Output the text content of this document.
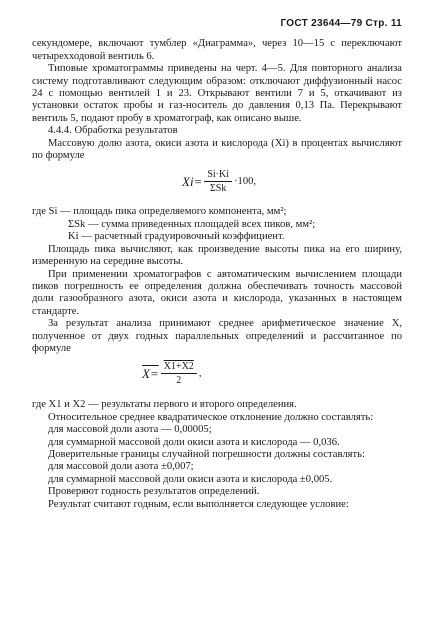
ГОСТ 23644—79 Стр. 11

секундомере, включают тумблер «Диаграмма», через 10—15 с переключают четырехходовой вентиль 6.

Типовые хроматограммы приведены на черт. 4—5. Для повторного анализа систему подготавливают следующим образом: отключают диффузионный насос 24 с помощью вентилей 1 и 23. Открывают вентили 7 и 5, откачивают из установки остаток пробы и газ-носитель до давления 0,13 Па. Перекрывают вентиль 5, подают пробу в хроматограф, как описано выше.

4.4.4. Обработка результатов

Массовую долю азота, окиси азота и кислорода (Xi) в процентах вычисляют по формуле

$Xi= \frac{Si\cdot Ki}{\text{ΣSk}} \cdot 100$,

где Si — площадь пика определяемого компонента, мм²;

ΣSk — сумма приведенных площадей всех пиков, мм²;

Ki — расчетный градуировочный коэффициент.

Площадь пика вычисляют, как произведение высоты пика на его ширину, измеренную на середине высоты.

При применении хроматографов с автоматическим вычислением площади пиков погрешность ее определения должна обеспечивать точность массовой доли газообразного азота, окиси азота и кислорода, указанных в настоящем стандарте.

За результат анализа принимают среднее арифметическое значение X, полученное от двух годных параллельных определений и рассчитанное по формуле

$X= \frac{X1+X2}{2}$ ,

где X1 и X2 — результаты первого и второго определения.

Относительное среднее квадратическое отклонение должно составлять:

для массовой доли азота — 0,00005;

для суммарной массовой доли окиси азота и кислорода — 0,036.

Доверительные границы случайной погрешности должны составлять:

для массовой доли азота ±0,007;

для суммарной массовой доли окиси азота и кислорода ±0,005.

Проверяют годность результатов определений.

Результат считают годным, если выполняется следующее условие:
